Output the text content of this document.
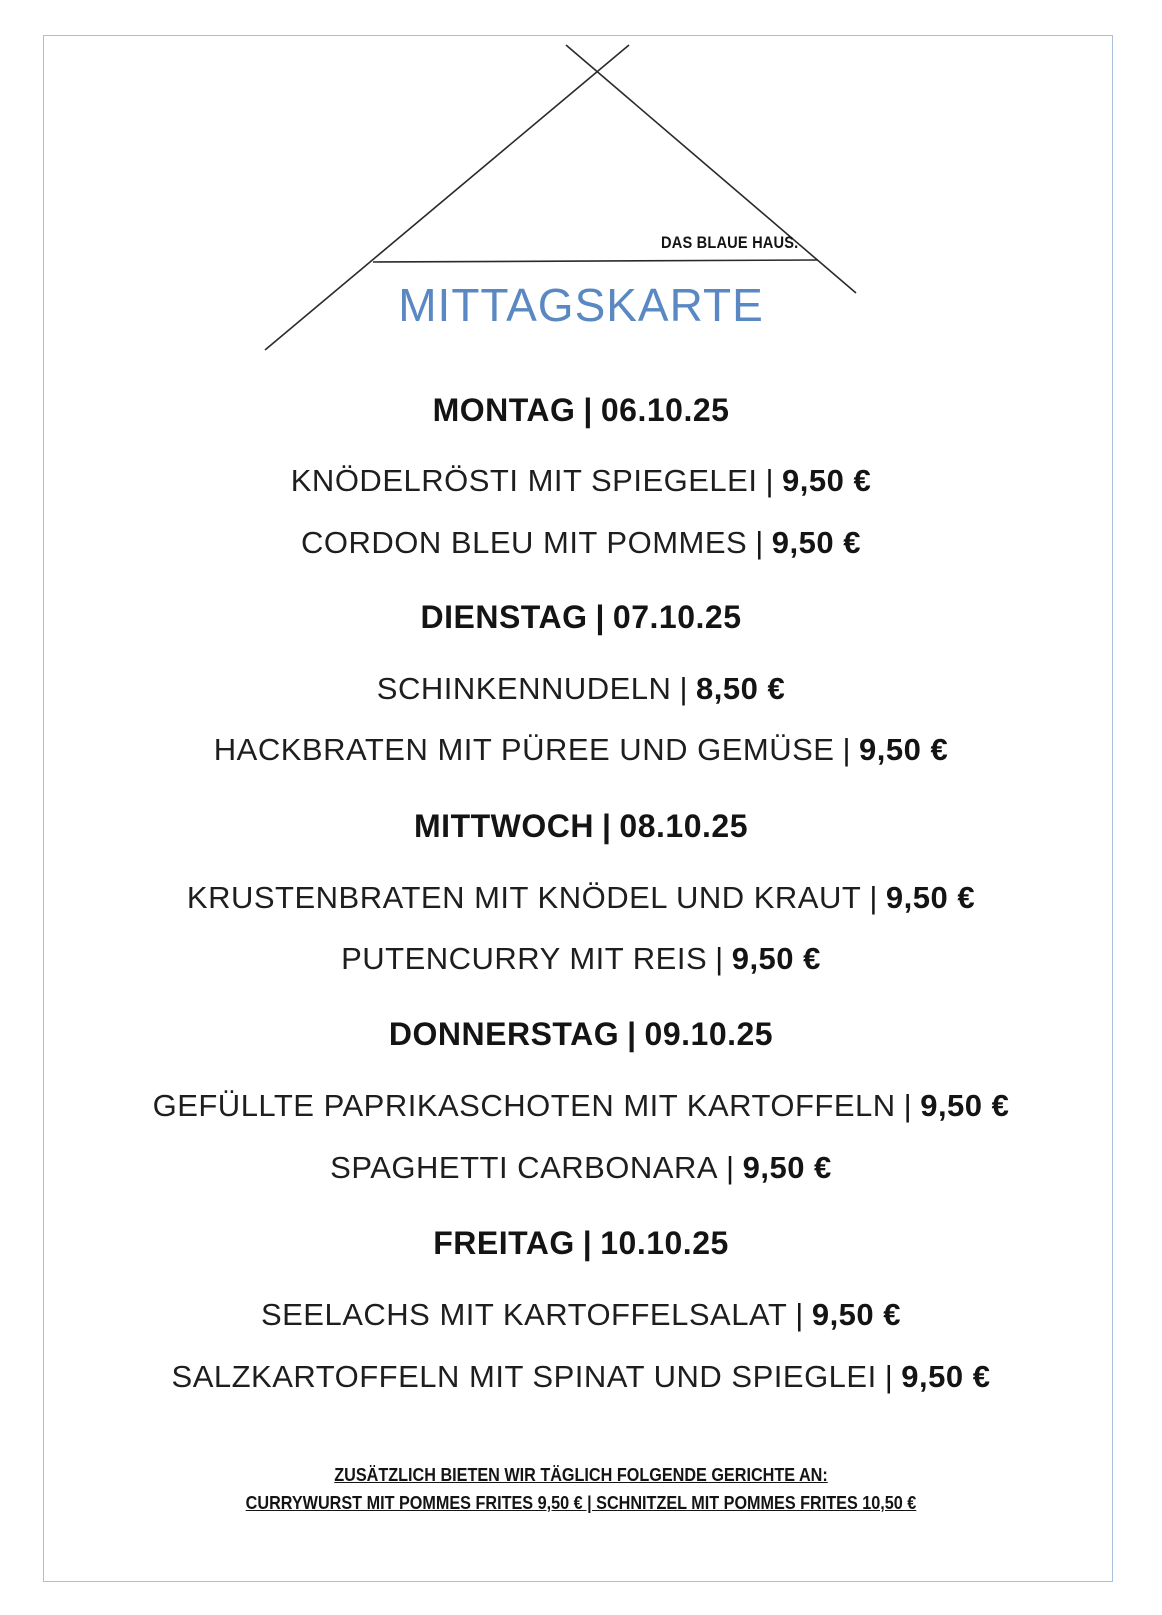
DAS BLAUE HAUS.
MITTAGSKARTE
MONTAG | 06.10.25
KNÖDELRÖSTI MIT SPIEGELEI | 9,50 €
CORDON BLEU MIT POMMES | 9,50 €
DIENSTAG | 07.10.25
SCHINKENNUDELN | 8,50 €
HACKBRATEN MIT PÜREE UND GEMÜSE | 9,50 €
MITTWOCH | 08.10.25
KRUSTENBRATEN MIT KNÖDEL UND KRAUT | 9,50 €
PUTENCURRY MIT REIS | 9,50 €
DONNERSTAG | 09.10.25
GEFÜLLTE PAPRIKASCHOTEN MIT KARTOFFELN | 9,50 €
SPAGHETTI CARBONARA | 9,50 €
FREITAG | 10.10.25
SEELACHS MIT KARTOFFELSALAT | 9,50 €
SALZKARTOFFELN MIT SPINAT UND SPIEGLEI | 9,50 €
ZUSÄTZLICH BIETEN WIR TÄGLICH FOLGENDE GERICHTE AN:
CURRYWURST MIT POMMES FRITES 9,50 € | SCHNITZEL MIT POMMES FRITES 10,50 €
